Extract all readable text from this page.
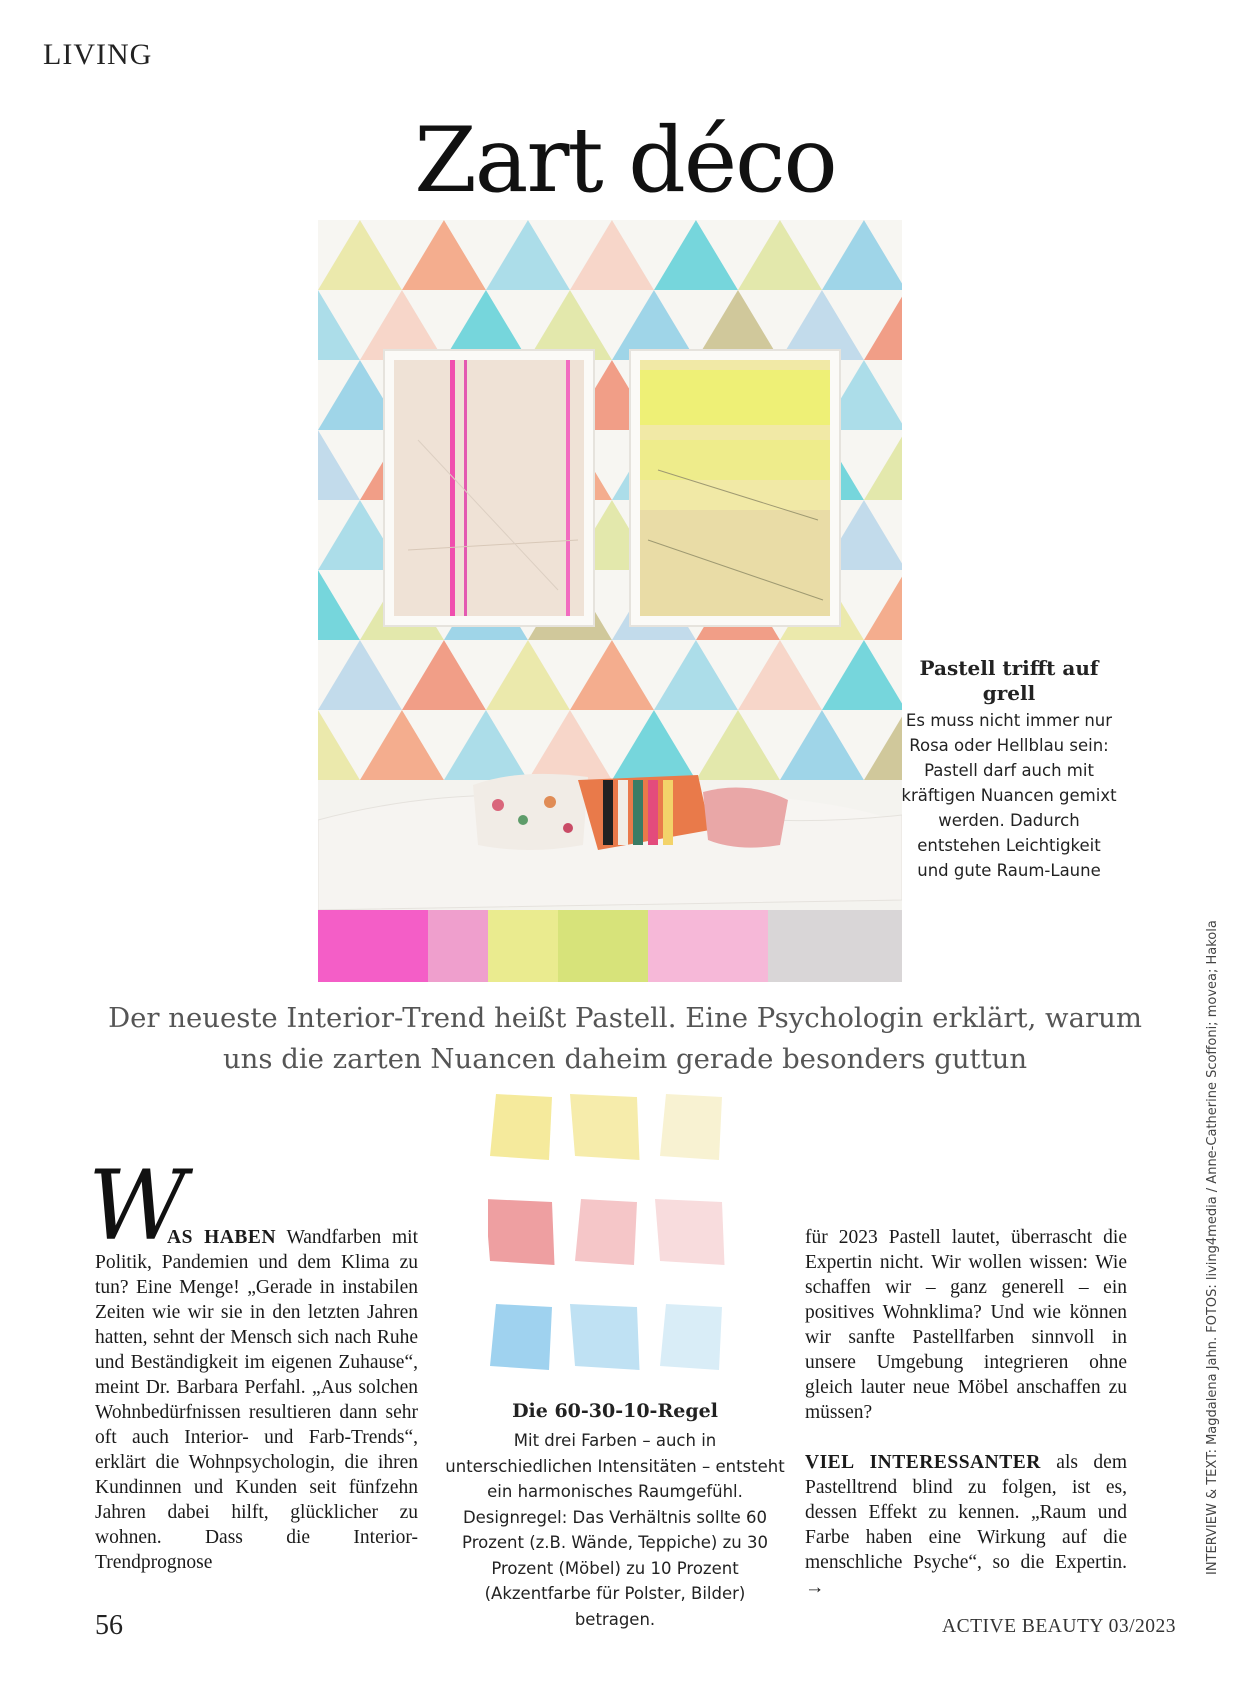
LIVING
Zart déco
Pastell trifft auf grell

Es muss nicht immer nur Rosa oder Hellblau sein: Pastell darf auch mit kräftigen Nuancen gemixt werden. Dadurch entstehen Leichtigkeit und gute Raum-Laune

Der neueste Interior-Trend heißt Pastell. Eine Psychologin erklärt, warum uns die zarten Nuancen daheim gerade besonders guttun
Die 60-30-10-Regel
Mit drei Farben – auch in unterschiedlichen Intensitäten – entsteht ein harmonisches Raumgefühl. Designregel: Das Verhältnis sollte 60 Prozent (z.B. Wände, Teppiche) zu 30 Prozent (Möbel) zu 10 Prozent (Akzentfarbe für Polster, Bilder) betragen.
W
AS HABEN Wandfarben mit Politik, Pandemien und dem Klima zu tun? Eine Menge! „Gerade in instabilen Zeiten wie wir sie in den letzten Jahren hatten, sehnt der Mensch sich nach Ruhe und Beständigkeit im eigenen Zuhause“, meint Dr. Barbara Perfahl. „Aus solchen Wohnbedürfnissen resultieren dann sehr oft auch Interior- und Farb-Trends“, erklärt die Wohnpsychologin, die ihren Kundinnen und Kunden seit fünfzehn Jahren dabei hilft, glücklicher zu wohnen. Dass die Interior-Trendprognose
für 2023 Pastell lautet, überrascht die Expertin nicht. Wir wollen wissen: Wie schaffen wir – ganz generell – ein positives Wohnklima? Und wie können wir sanfte Pastellfarben sinnvoll in unsere Umgebung integrieren ohne gleich lauter neue Möbel anschaffen zu müssen?
VIEL INTERESSANTER als dem Pastelltrend blind zu folgen, ist es, dessen Effekt zu kennen. „Raum und Farbe haben eine Wirkung auf die menschliche Psyche“, so die Expertin. →
INTERVIEW & TEXT: Magdalena Jahn. FOTOS: living4media / Anne-Catherine Scoffoni; movea; Hakola
56	ACTIVE BEAUTY 03/2023
